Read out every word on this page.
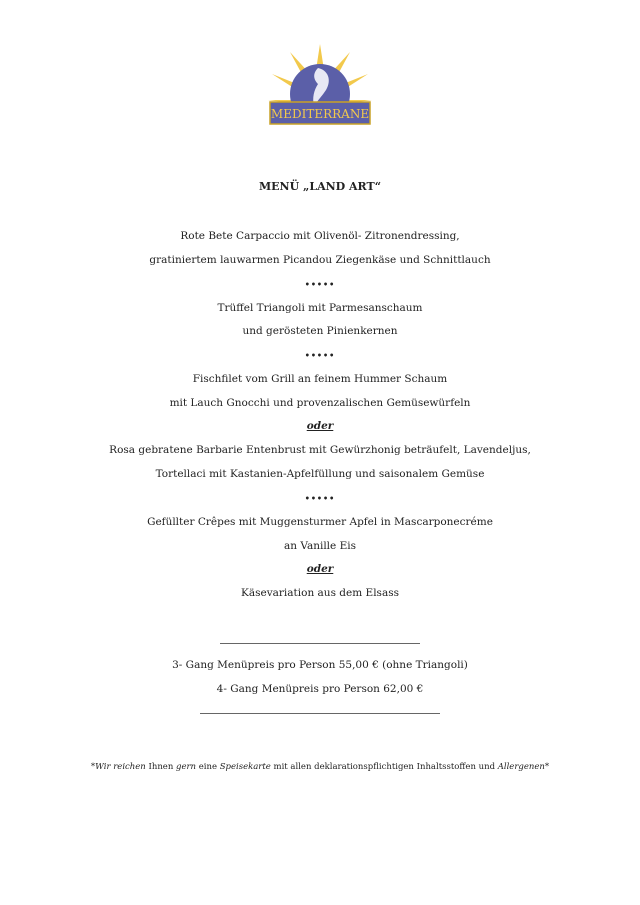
MEDITERRANE
MENÜ „LAND ART“
Rote Bete Carpaccio mit Olivenöl- Zitronendressing,
gratiniertem lauwarmen Picandou Ziegenkäse und Schnittlauch
•••••
Trüffel Triangoli mit Parmesanschaum
und gerösteten Pinienkernen
•••••
Fischfilet vom Grill an feinem Hummer Schaum
mit Lauch Gnocchi und provenzalischen Gemüsewürfeln
oder
Rosa gebratene Barbarie Entenbrust mit Gewürzhonig beträufelt, Lavendeljus,
Tortellaci mit Kastanien-Apfelfüllung und saisonalem Gemüse
•••••
Gefüllter Crêpes mit Muggensturmer Apfel in Mascarponecréme
an Vanille Eis
oder
Käsevariation aus dem Elsass
3- Gang Menüpreis pro Person 55,00 € (ohne Triangoli)
4- Gang Menüpreis pro Person 62,00 €
*Wir reichen Ihnen gern eine Speisekarte mit allen deklarationspflichtigen Inhaltsstoffen und Allergenen*
